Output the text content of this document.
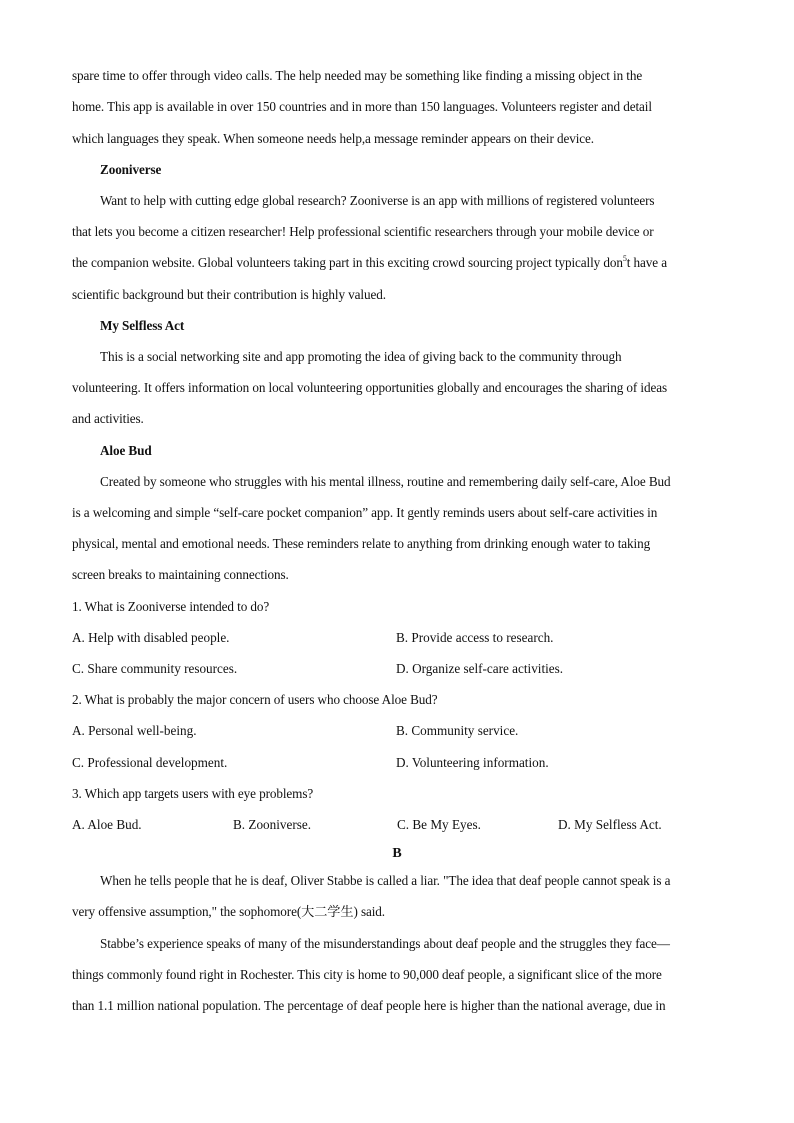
spare time to offer through video calls. The help needed may be something like finding a missing object in the
home. This app is available in over 150 countries and in more than 150 languages. Volunteers register and detail
which languages they speak. When someone needs help,a message reminder appears on their device.
Zooniverse
Want to help with cutting edge global research? Zooniverse is an app with millions of registered volunteers
that lets you become a citizen researcher! Help professional scientific researchers through your mobile device or
the companion website. Global volunteers taking part in this exciting crowd sourcing project typically don$^5$t have a
scientific background but their contribution is highly valued.
My Selfless Act
This is a social networking site and app promoting the idea of giving back to the community through
volunteering. It offers information on local volunteering opportunities globally and encourages the sharing of ideas
and activities.
Aloe Bud
Created by someone who struggles with his mental illness, routine and remembering daily self-care, Aloe Bud
is a welcoming and simple “self-care pocket companion” app. It gently reminds users about self-care activities in
physical, mental and emotional needs. These reminders relate to anything from drinking enough water to taking
screen breaks to maintaining connections.
1. What is Zooniverse intended to do?
A. Help with disabled people.	B. Provide access to research.
C. Share community resources.	D. Organize self-care activities.
2. What is probably the major concern of users who choose Aloe Bud?
A. Personal well-being.	B. Community service.
C. Professional development.	D. Volunteering information.
3. Which app targets users with eye problems?
A. Aloe Bud.	B. Zooniverse.	C. Be My Eyes.	D. My Selfless Act.
B
When he tells people that he is deaf, Oliver Stabbe is called a liar. "The idea that deaf people cannot speak is a
very offensive assumption," the sophomore(大二学生) said.
Stabbe’s experience speaks of many of the misunderstandings about deaf people and the struggles they face—
things commonly found right in Rochester. This city is home to 90,000 deaf people, a significant slice of the more
than 1.1 million national population. The percentage of deaf people here is higher than the national average, due in
